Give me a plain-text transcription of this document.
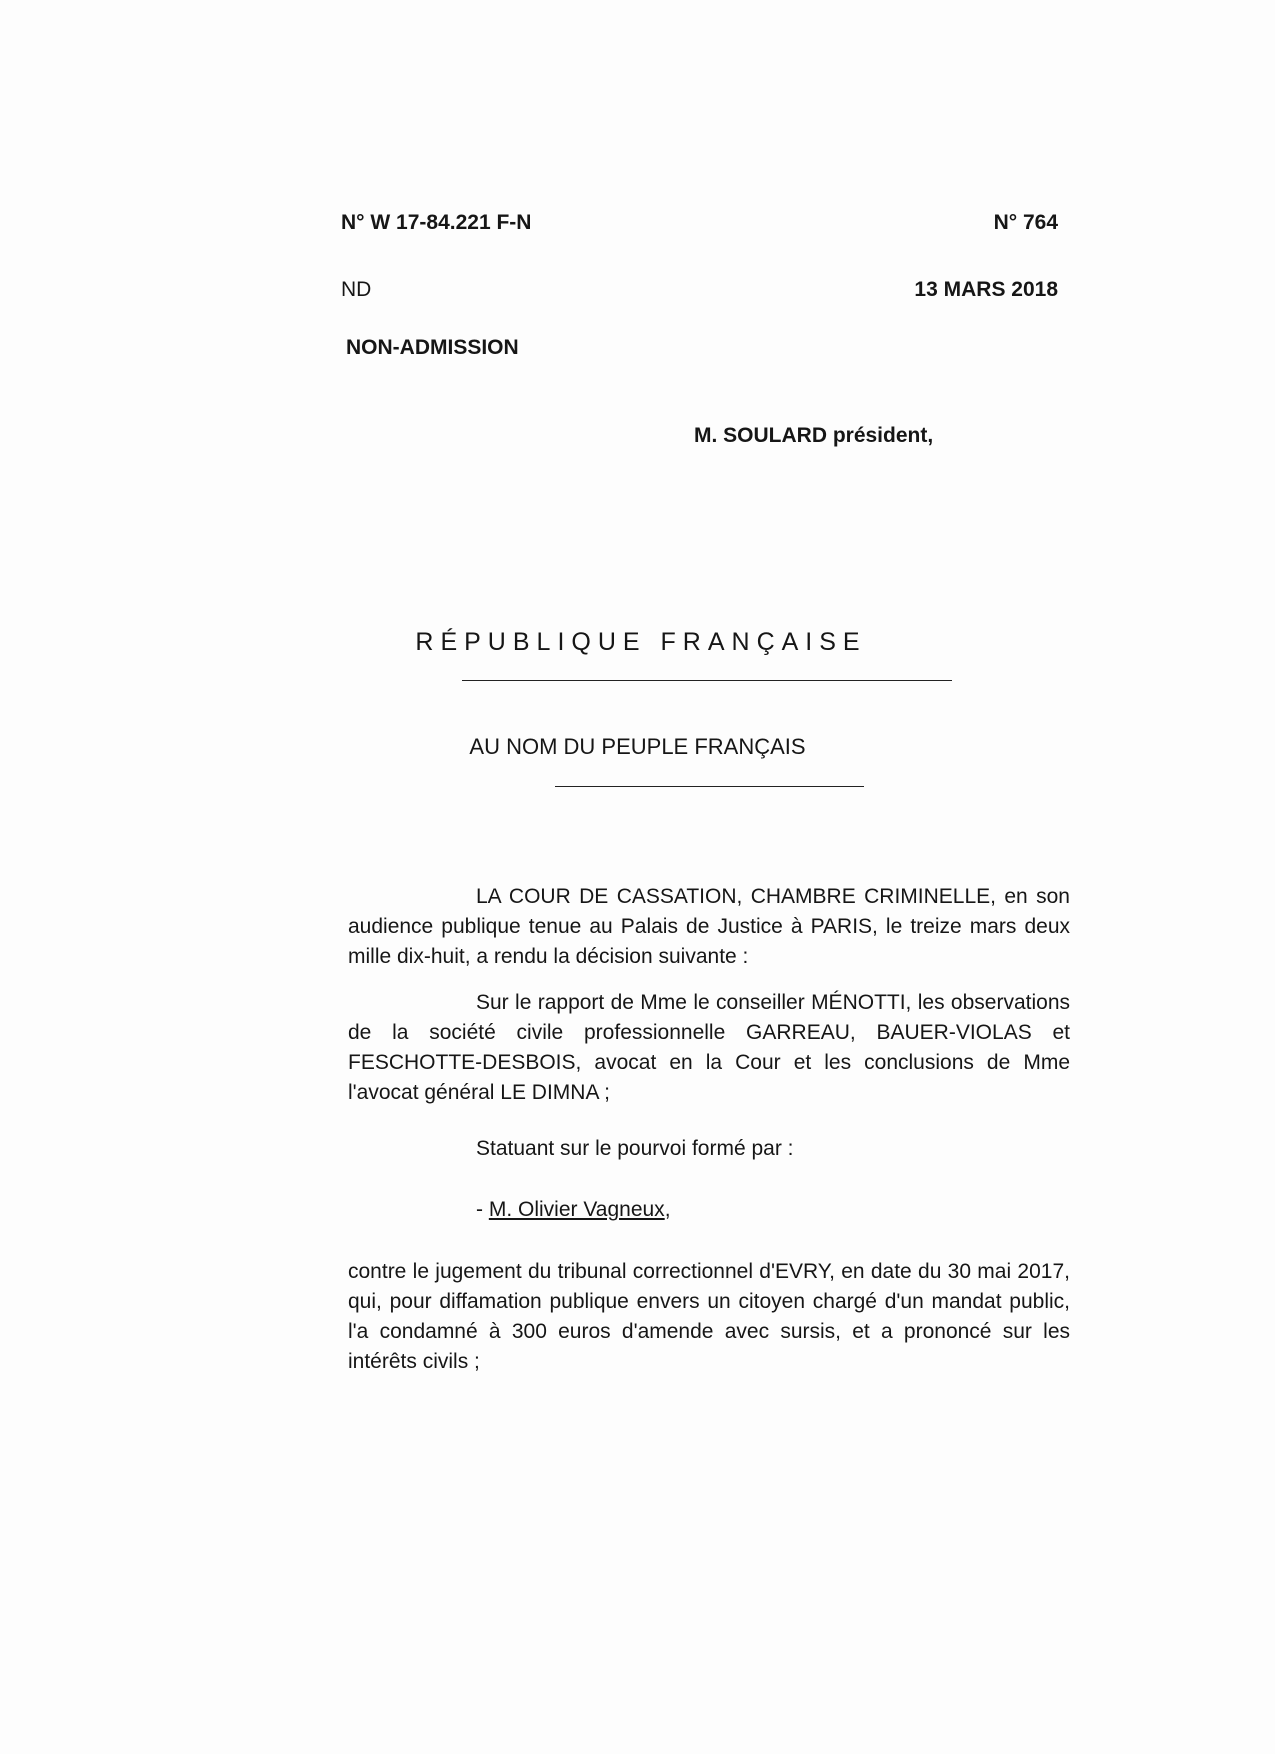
N° W 17-84.221 F-N	N° 764
ND	13 MARS 2018
NON-ADMISSION
M. SOULARD président,
RÉPUBLIQUE FRANÇAISE
AU NOM DU PEUPLE FRANÇAIS
LA COUR DE CASSATION, CHAMBRE CRIMINELLE, en son audience publique tenue au Palais de Justice à PARIS, le treize mars deux mille dix-huit, a rendu la décision suivante :
Sur le rapport de Mme le conseiller MÉNOTTI, les observations de la société civile professionnelle GARREAU, BAUER-VIOLAS et FESCHOTTE-DESBOIS, avocat en la Cour et les conclusions de Mme l'avocat général LE DIMNA ;
Statuant sur le pourvoi formé par :
- M. Olivier Vagneux,
contre le jugement du tribunal correctionnel d'EVRY, en date du 30 mai 2017, qui, pour diffamation publique envers un citoyen chargé d'un mandat public, l'a condamné à 300 euros d'amende avec sursis, et a prononcé sur les intérêts civils ;
